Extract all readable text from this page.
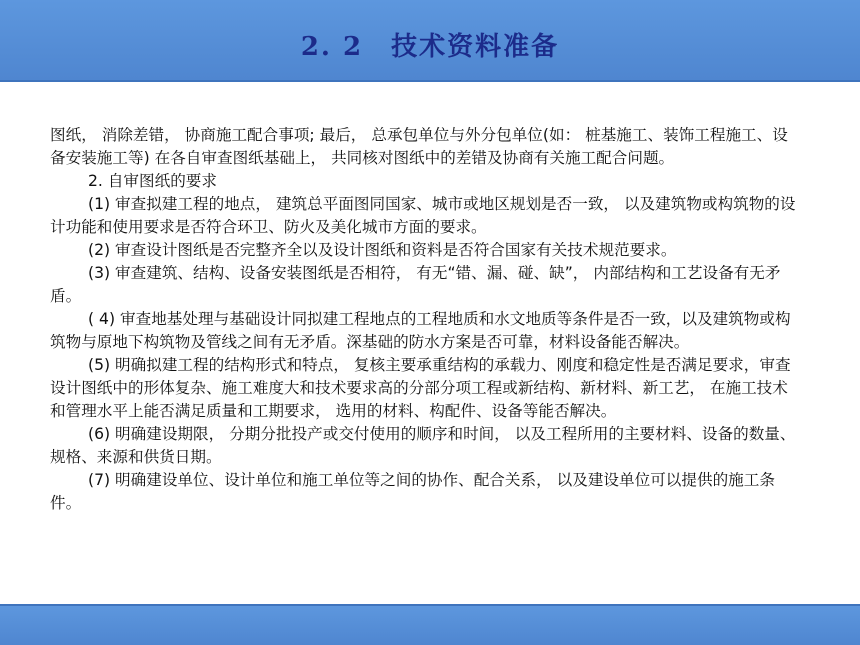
2. 2　技术资料准备

图纸， 消除差错， 协商施工配合事项; 最后， 总承包单位与外分包单位(如： 桩基施工、装饰工程施工、设备安装施工等) 在各自审查图纸基础上， 共同核对图纸中的差错及协商有关施工配合问题。

2. 自审图纸的要求

(1) 审查拟建工程的地点， 建筑总平面图同国家、城市或地区规划是否一致， 以及建筑物或构筑物的设计功能和使用要求是否符合环卫、防火及美化城市方面的要求。

(2) 审查设计图纸是否完整齐全以及设计图纸和资料是否符合国家有关技术规范要求。

(3) 审查建筑、结构、设备安装图纸是否相符， 有无“错、漏、碰、缺”， 内部结构和工艺设备有无矛盾。

( 4) 审查地基处理与基础设计同拟建工程地点的工程地质和水文地质等条件是否一致，以及建筑物或构筑物与原地下构筑物及管线之间有无矛盾。深基础的防水方案是否可靠，材料设备能否解决。

(5) 明确拟建工程的结构形式和特点， 复核主要承重结构的承载力、刚度和稳定性是否满足要求，审查设计图纸中的形体复杂、施工难度大和技术要求高的分部分项工程或新结构、新材料、新工艺， 在施工技术和管理水平上能否满足质量和工期要求， 选用的材料、构配件、设备等能否解决。

(6) 明确建设期限， 分期分批投产或交付使用的顺序和时间， 以及工程所用的主要材料、设备的数量、规格、来源和供货日期。

(7) 明确建设单位、设计单位和施工单位等之间的协作、配合关系， 以及建设单位可以提供的施工条件。
